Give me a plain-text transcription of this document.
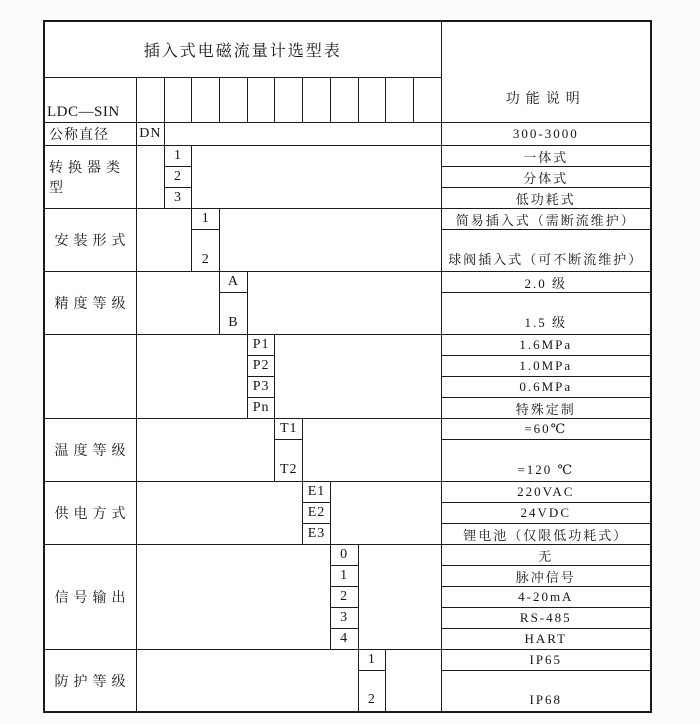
插入式电磁流量计选型表
功能说明
LDC—SIN
公称直径	DN	300-3000
转换器类型
1
2
3
一体式
分体式
低功耗式
安装形式
1
2
简易插入式（需断流维护）
球阀插入式（可不断流维护）
精度等级
A
B
2.0 级
1.5 级
P1
P2
P3
Pn
1.6MPa
1.0MPa
0.6MPa
特殊定制
温度等级
T1
T2
=60℃
=120 ℃
供电方式
E1
E2
E3
220VAC
24VDC
锂电池（仅限低功耗式）
信号输出
0
1
2
3
4
无
脉冲信号
4-20mA
RS-485
HART
防护等级
1
2
IP65
IP68
